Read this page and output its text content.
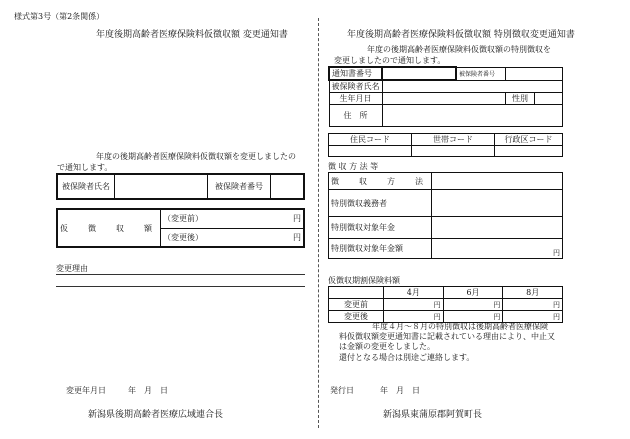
様式第3号（第2条関係）
年度後期高齢者医療保険料仮徴収額 変更通知書
年度の後期高齢者医療保険料仮徴収額を変更しましたの
で通知します。
被保険者氏名		被保険者番号	
仮　徴　収　額	（変更前）	円

（変更後）	円
変更理由
変更年月日	年　月　日
新潟県後期高齢者医療広域連合長
年度後期高齢者医療保険料仮徴収額 特別徴収変更通知書
年度の後期高齢者医療保険料仮徴収額の特別徴収を
変更しましたので通知します。
通知書番号		被保険者番号		
被保険者氏名				
生年月日			性別	
住　所				
住民コード	世帯コード	行政区コード

徴 収 方 法 等
徴　収　方　法	
特別徴収義務者	
特別徴収対象年金	
特別徴収対象年金額	円
仮徴収期割保険料額
	4月	6月	8月
変更前	円	円	円
変更後	円	円	円
年度４月～８月の特別徴収は後期高齢者医療保険
料仮徴収額変更通知書に記載されている理由により、中止又
は金額の変更をしました。
還付となる場合は別途ご連絡します。
発行日	年　月　日
新潟県東蒲原郡阿賀町長
